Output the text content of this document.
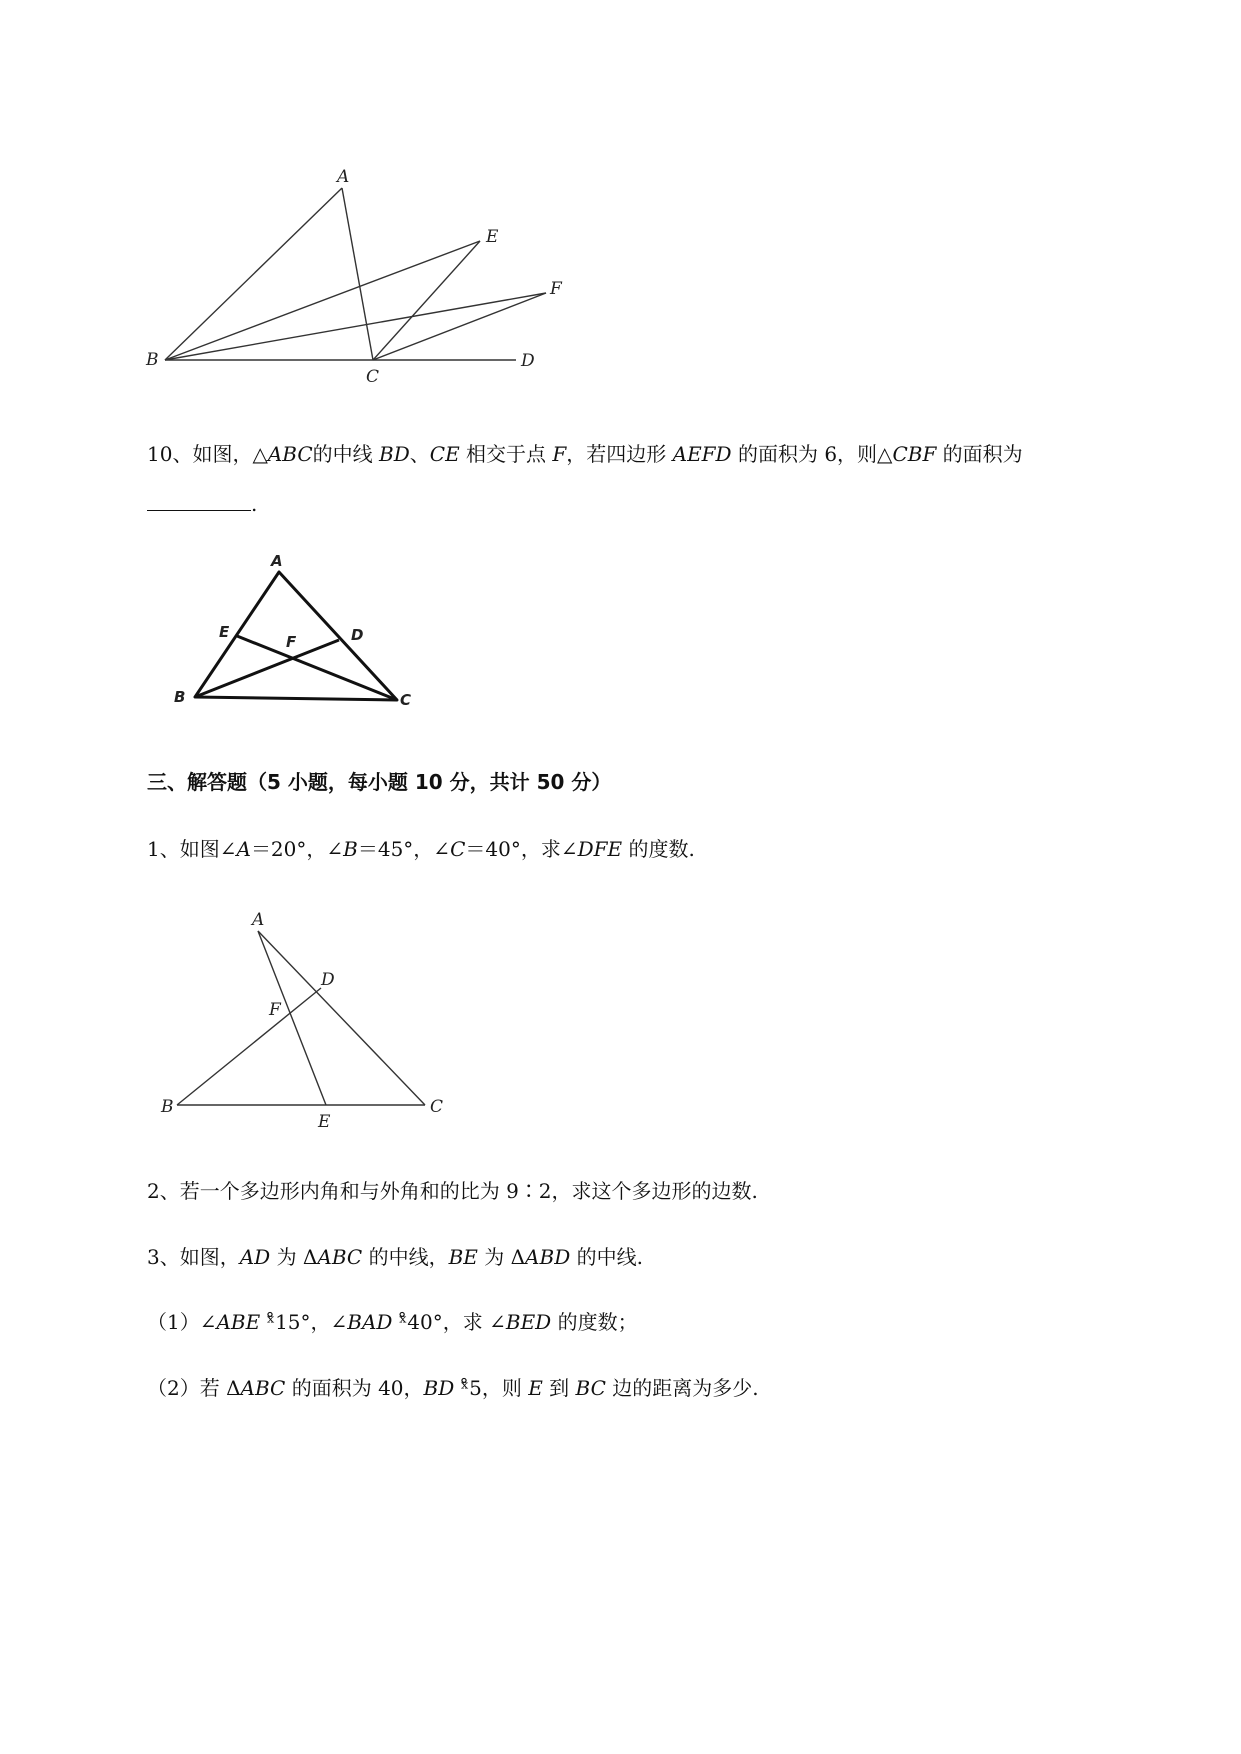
A
B
C
D
E
F
10、如图，△ABC的中线 BD、CE 相交于点 F，若四边形 AEFD 的面积为 6，则△CBF 的面积为
.
A
B	C
D
E
F
三、解答题（5 小题，每小题 10 分，共计 50 分）
1、如图∠A＝20°，∠B＝45°，∠C＝40°，求∠DFE 的度数.
A
B	C
D
E
F
2、若一个多边形内角和与外角和的比为 9∶2，求这个多边形的边数.
3、如图，AD 为 ΔABC 的中线，BE 为 ΔABD 的中线.
（1）∠ABE ˣ̊15°，∠BAD ˣ̊40°，求 ∠BED 的度数；
（2）若 ΔABC 的面积为 40，BD ˣ̊5，则 E 到 BC 边的距离为多少.
